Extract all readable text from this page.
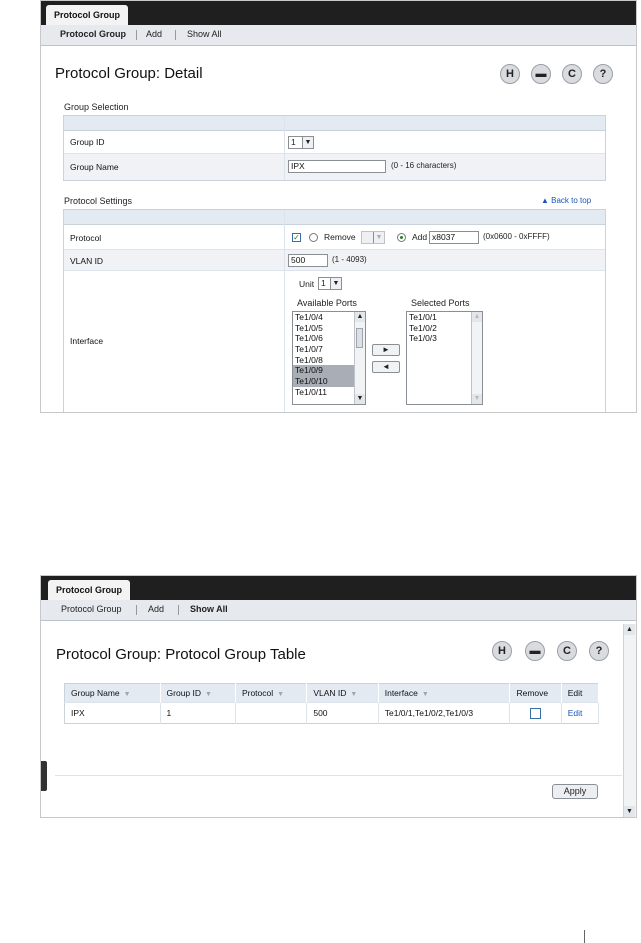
Protocol Group
Protocol Group Add	Show All
Protocol Group: Detail	H	▬	C	?
Group Selection
Group ID	1	▼
Group Name	IPX	(0 - 16 characters)
Protocol Settings	▲ Back to top
Protocol	✓	Remove	▼	Add x8037	(0x0600 - 0xFFFF)
VLAN ID	500	(1 - 4093)
Interface
Unit 1 ▼
Available Ports	Selected Ports
Te1/0/4
Te1/0/5
Te1/0/6
Te1/0/7
Te1/0/8
Te1/0/9
Te1/0/10
Te1/0/11
▲
▼
►
◄
Te1/0/1
Te1/0/2
Te1/0/3
▲
▼
Protocol Group
Protocol Group	Add	Show All
Protocol Group: Protocol Group Table	H	▬	C	?
Group Name ▼	Group ID ▼	Protocol ▼	VLAN ID ▼	Interface ▼	Remove	Edit
IPX	1		500	Te1/0/1,Te1/0/2,Te1/0/3		Edit
Apply
▲
▼
